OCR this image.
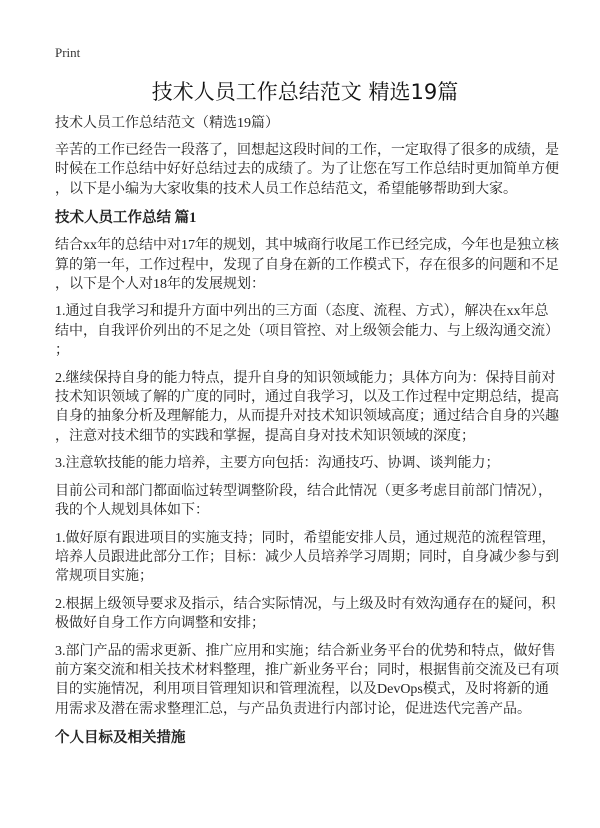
Print
技术人员工作总结范文 精选19篇
技术人员工作总结范文（精选19篇）
辛苦的工作已经告一段落了，回想起这段时间的工作，一定取得了很多的成绩，是
时候在工作总结中好好总结过去的成绩了。为了让您在写工作总结时更加简单方便
，以下是小编为大家收集的技术人员工作总结范文，希望能够帮助到大家。
技术人员工作总结 篇1
结合xx年的总结中对17年的规划，其中城商行收尾工作已经完成，今年也是独立核
算的第一年，工作过程中，发现了自身在新的工作模式下，存在很多的问题和不足
，以下是个人对18年的发展规划：
1.通过自我学习和提升方面中列出的三方面（态度、流程、方式），解决在xx年总
结中，自我评价列出的不足之处（项目管控、对上级领会能力、与上级沟通交流）
；
2.继续保持自身的能力特点，提升自身的知识领域能力；具体方向为：保持目前对
技术知识领域了解的广度的同时，通过自我学习，以及工作过程中定期总结，提高
自身的抽象分析及理解能力，从而提升对技术知识领域高度；通过结合自身的兴趣
，注意对技术细节的实践和掌握，提高自身对技术知识领域的深度；
3.注意软技能的能力培养，主要方向包括：沟通技巧、协调、谈判能力；
目前公司和部门都面临过转型调整阶段，结合此情况（更多考虑目前部门情况），
我的个人规划具体如下：
1.做好原有跟进项目的实施支持；同时，希望能安排人员，通过规范的流程管理，
培养人员跟进此部分工作；目标：减少人员培养学习周期；同时，自身减少参与到
常规项目实施；
2.根据上级领导要求及指示，结合实际情况，与上级及时有效沟通存在的疑问，积
极做好自身工作方向调整和安排；
3.部门产品的需求更新、推广应用和实施；结合新业务平台的优势和特点，做好售
前方案交流和相关技术材料整理，推广新业务平台；同时，根据售前交流及已有项
目的实施情况，利用项目管理知识和管理流程，以及DevOps模式，及时将新的通
用需求及潜在需求整理汇总，与产品负责进行内部讨论，促进迭代完善产品。
个人目标及相关措施
